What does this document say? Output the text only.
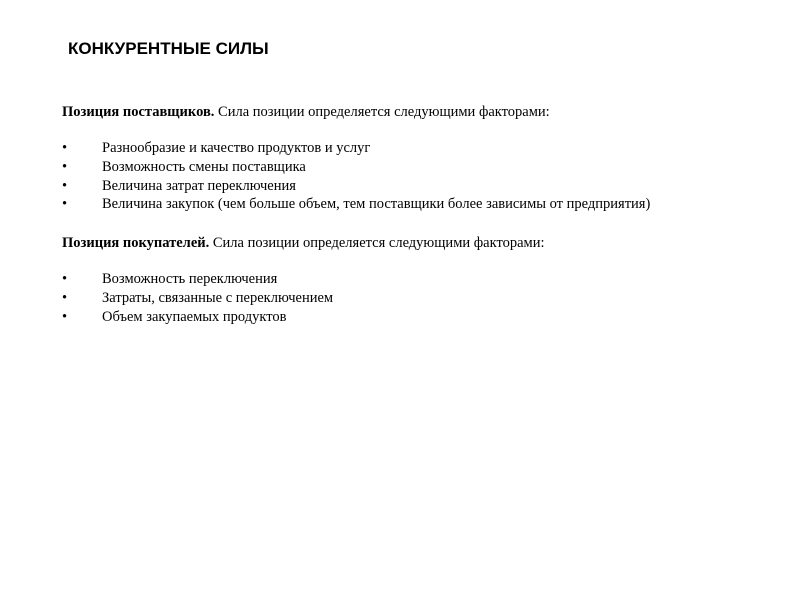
КОНКУРЕНТНЫЕ СИЛЫ
Позиция поставщиков. Сила позиции определяется следующими факторами:
•	Разнообразие и качество продуктов и услуг
•	Возможность смены поставщика
•	Величина затрат переключения
•	Величина закупок (чем больше объем, тем поставщики более зависимы от предприятия)
Позиция покупателей. Сила позиции определяется следующими факторами:
•	Возможность переключения
•	Затраты, связанные с переключением
•	Объем закупаемых продуктов
